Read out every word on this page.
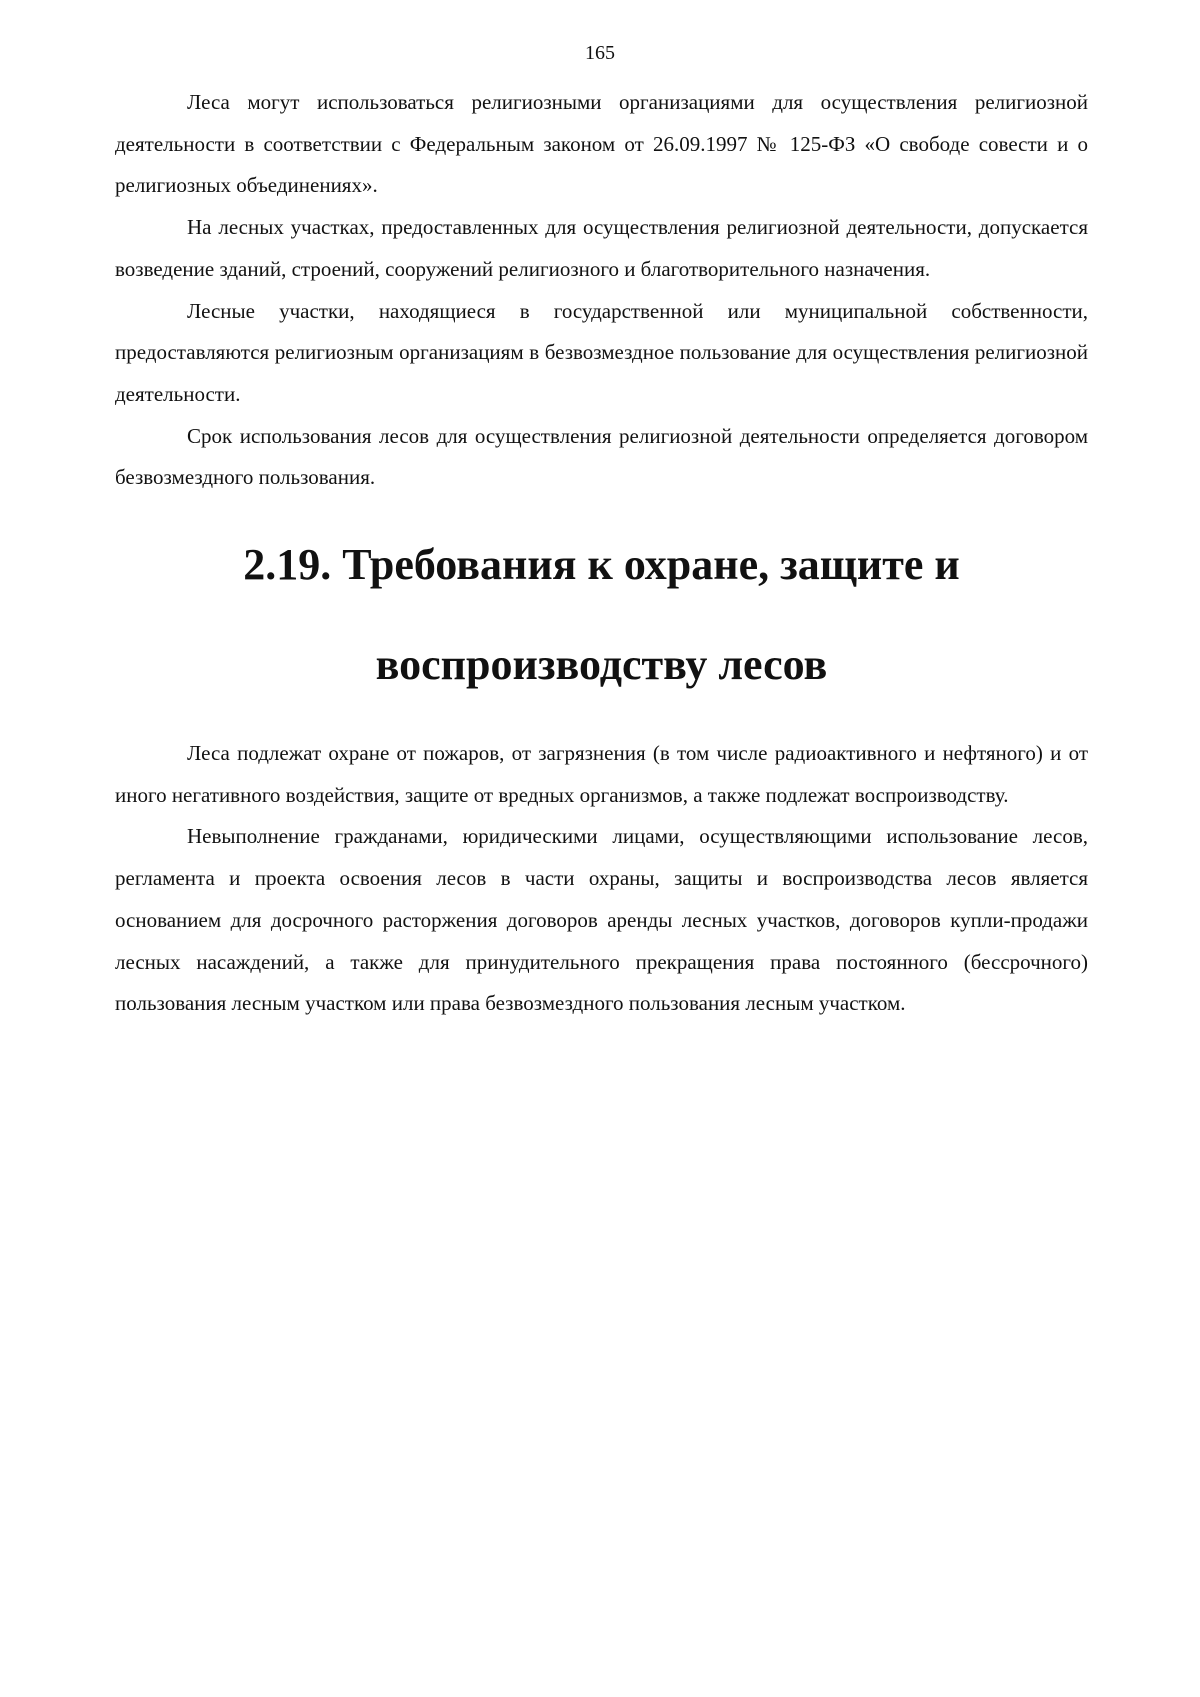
165

Леса могут использоваться религиозными организациями для осуществления религиозной деятельности в соответствии с Федеральным законом от 26.09.1997 № 125-ФЗ «О свободе совести и о религиозных объединениях».

На лесных участках, предоставленных для осуществления религиозной деятельности, допускается возведение зданий, строений, сооружений религиозного и благотворительного назначения.

Лесные участки, находящиеся в государственной или муниципальной собственности, предоставляются религиозным организациям в безвозмездное пользование для осуществления религиозной деятельности.

Срок использования лесов для осуществления религиозной деятельности определяется договором безвозмездного пользования.

2.19. Требования к охране, защите и
воспроизводству лесов

Леса подлежат охране от пожаров, от загрязнения (в том числе радиоактивного и нефтяного) и от иного негативного воздействия, защите от вредных организмов, а также подлежат воспроизводству.

Невыполнение гражданами, юридическими лицами, осуществляющими использование лесов, регламента и проекта освоения лесов в части охраны, защиты и воспроизводства лесов является основанием для досрочного расторжения договоров аренды лесных участков, договоров купли-продажи лесных насаждений, а также для принудительного прекращения права постоянного (бессрочного) пользования лесным участком или права безвозмездного пользования лесным участком.
